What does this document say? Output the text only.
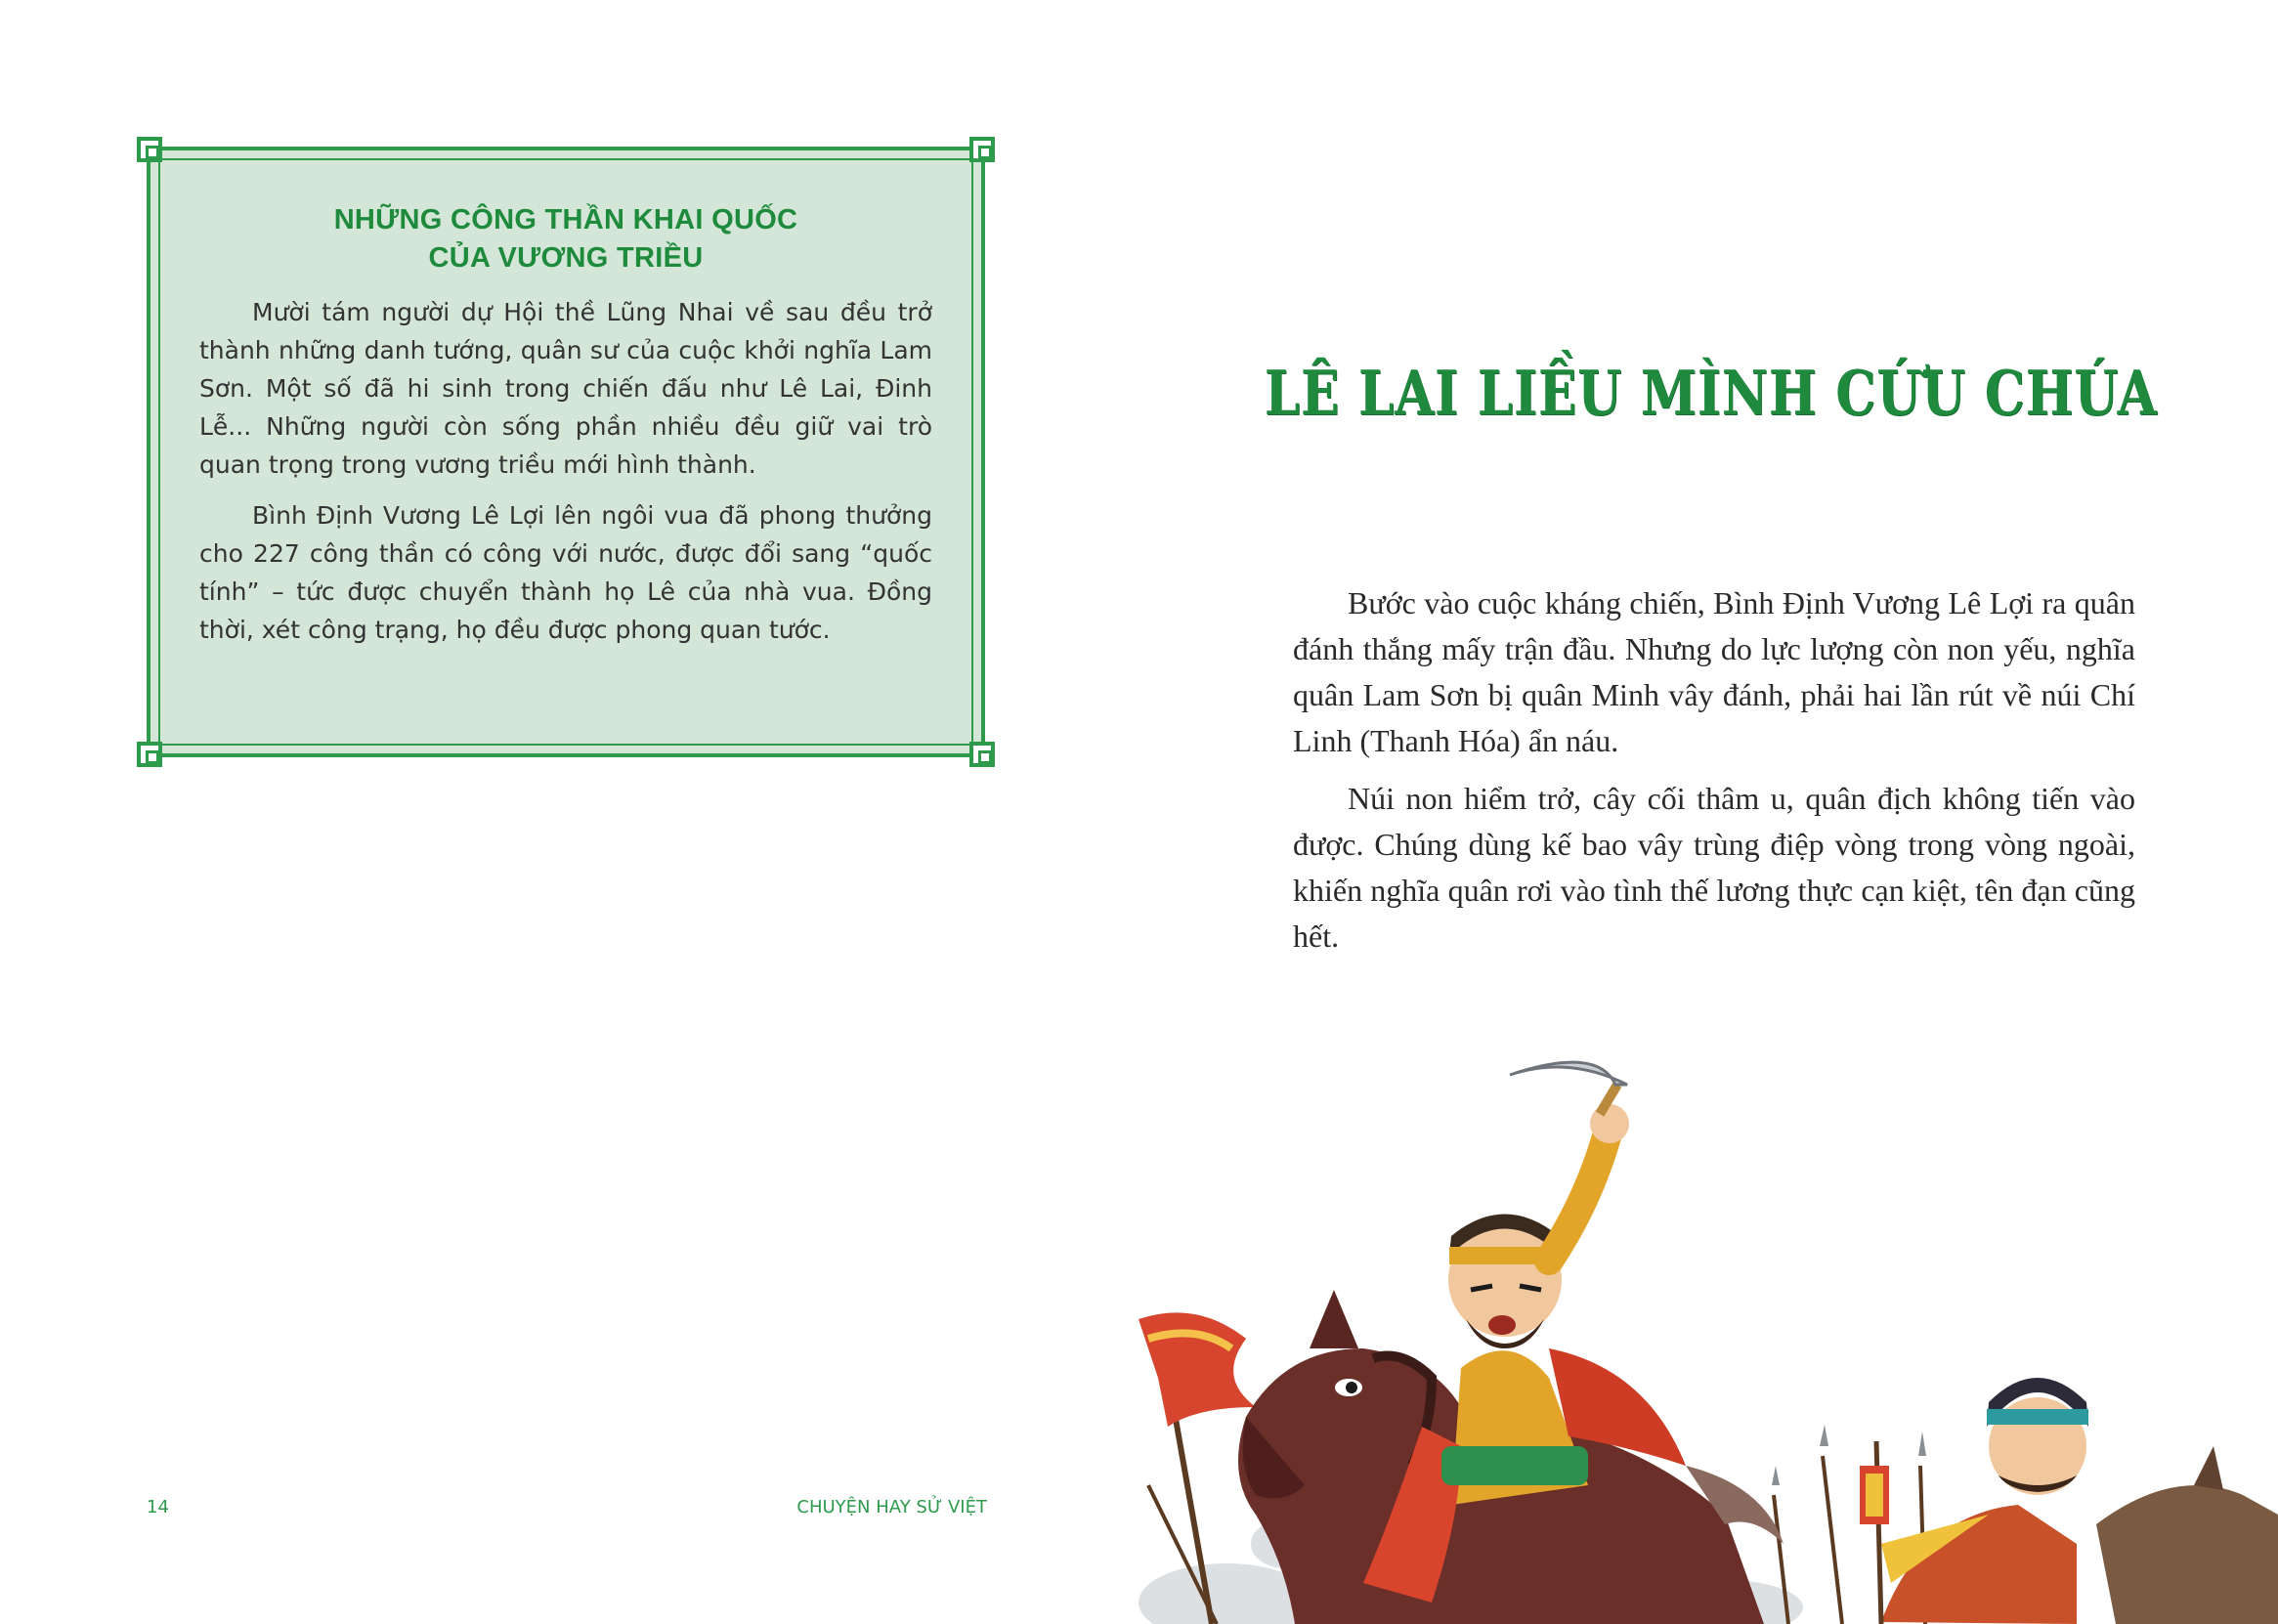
NHỮNG CÔNG THẦN KHAI QUỐC
CỦA VƯƠNG TRIỀU

Mười tám người dự Hội thề Lũng Nhai về sau đều trở thành những danh tướng, quân sư của cuộc khởi nghĩa Lam Sơn. Một số đã hi sinh trong chiến đấu như Lê Lai, Đinh Lễ... Những người còn sống phần nhiều đều giữ vai trò quan trọng trong vương triều mới hình thành.

Bình Định Vương Lê Lợi lên ngôi vua đã phong thưởng cho 227 công thần có công với nước, được đổi sang “quốc tính” – tức được chuyển thành họ Lê của nhà vua. Đồng thời, xét công trạng, họ đều được phong quan tước.

14	CHUYỆN HAY SỬ VIỆT
LÊ LAI LIỀU MÌNH CỨU CHÚA

Bước vào cuộc kháng chiến, Bình Định Vương Lê Lợi ra quân đánh thắng mấy trận đầu. Nhưng do lực lượng còn non yếu, nghĩa quân Lam Sơn bị quân Minh vây đánh, phải hai lần rút về núi Chí Linh (Thanh Hóa) ẩn náu.

Núi non hiểm trở, cây cối thâm u, quân địch không tiến vào được. Chúng dùng kế bao vây trùng điệp vòng trong vòng ngoài, khiến nghĩa quân rơi vào tình thế lương thực cạn kiệt, tên đạn cũng hết.
